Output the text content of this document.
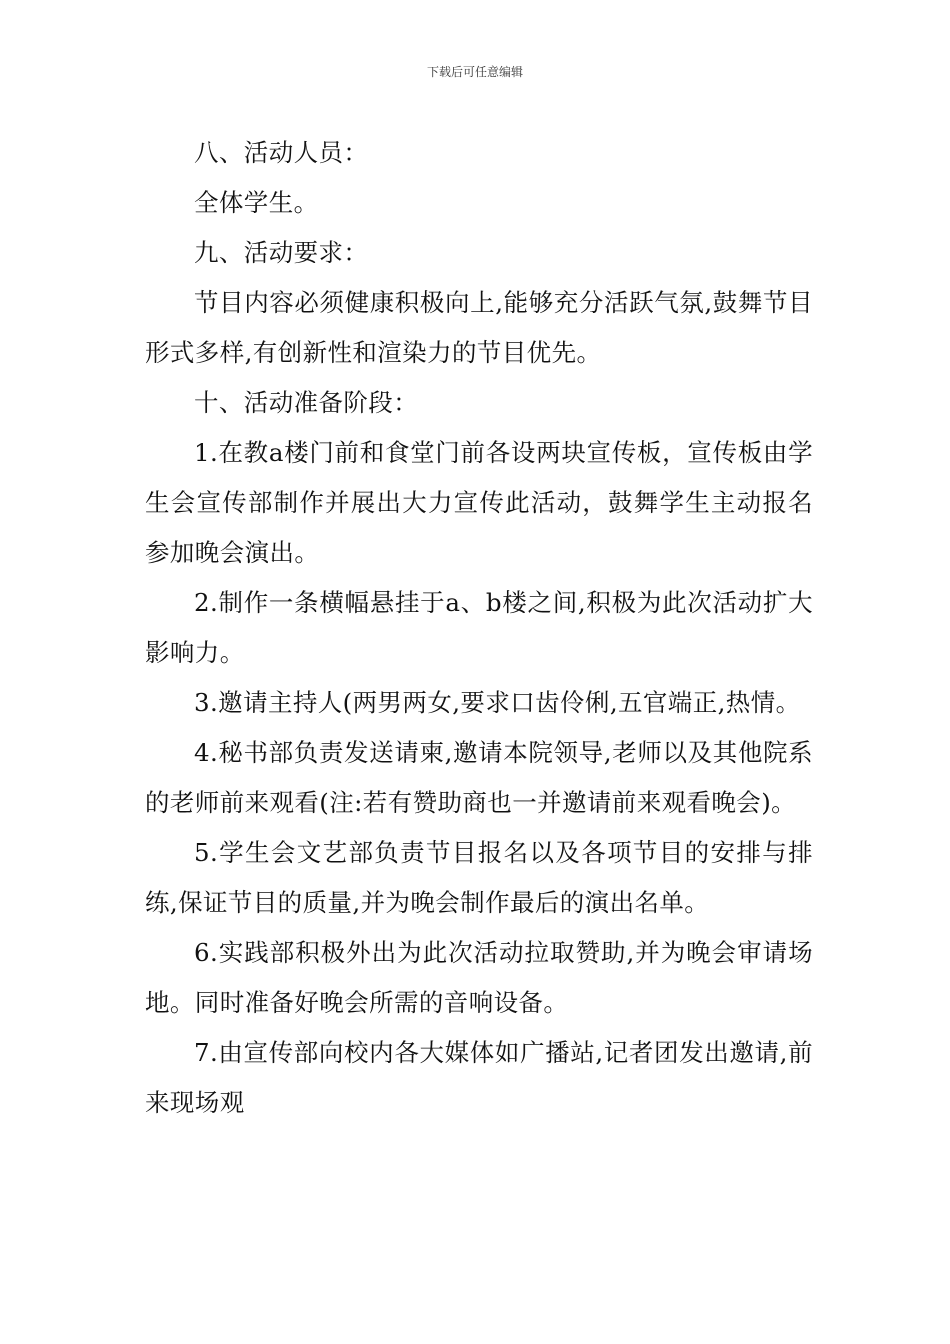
下载后可任意编辑

八、活动人员：

全体学生。

九、活动要求：

节目内容必须健康积极向上,能够充分活跃气氛,鼓舞节目形式多样,有创新性和渲染力的节目优先。

十、活动准备阶段：

1.在教a楼门前和食堂门前各设两块宣传板，宣传板由学生会宣传部制作并展出大力宣传此活动，鼓舞学生主动报名参加晚会演出。

2.制作一条横幅悬挂于a、b楼之间,积极为此次活动扩大影响力。

3.邀请主持人(两男两女,要求口齿伶俐,五官端正,热情。

4.秘书部负责发送请柬,邀请本院领导,老师以及其他院系的老师前来观看(注:若有赞助商也一并邀请前来观看晚会)。

5.学生会文艺部负责节目报名以及各项节目的安排与排练,保证节目的质量,并为晚会制作最后的演出名单。

6.实践部积极外出为此次活动拉取赞助,并为晚会审请场地。同时准备好晚会所需的音响设备。

7.由宣传部向校内各大媒体如广播站,记者团发出邀请,前来现场观
